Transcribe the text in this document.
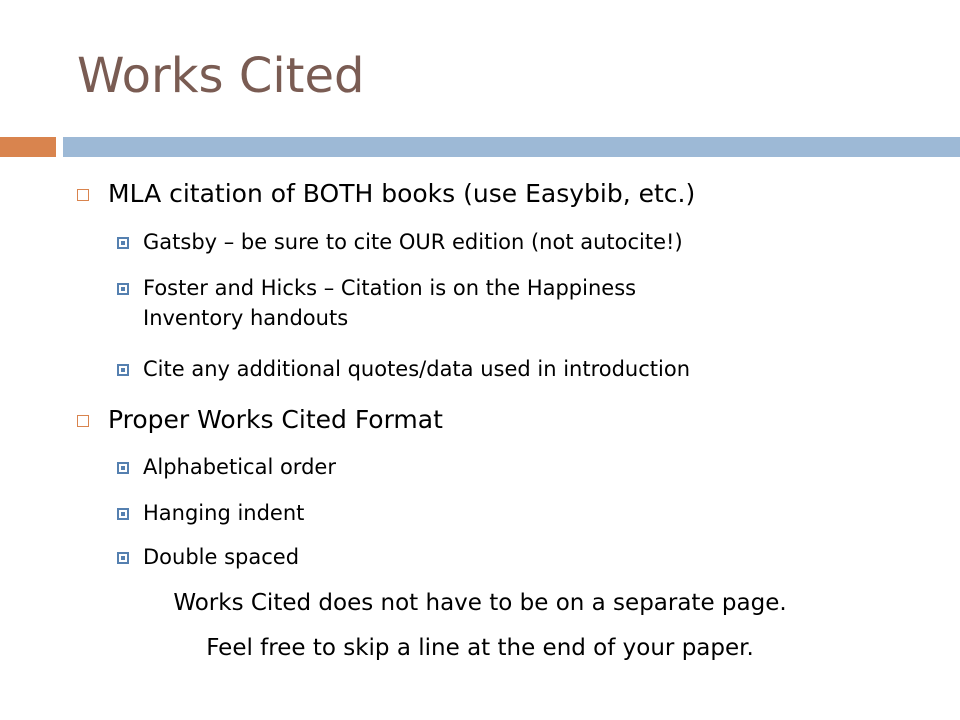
Works Cited
MLA citation of BOTH books (use Easybib, etc.)
Gatsby – be sure to cite OUR edition (not autocite!)
Foster and Hicks – Citation is on the Happiness
Inventory handouts
Cite any additional quotes/data used in introduction
Proper Works Cited Format
Alphabetical order
Hanging indent
Double spaced
Works Cited does not have to be on a separate page.
Feel free to skip a line at the end of your paper.
